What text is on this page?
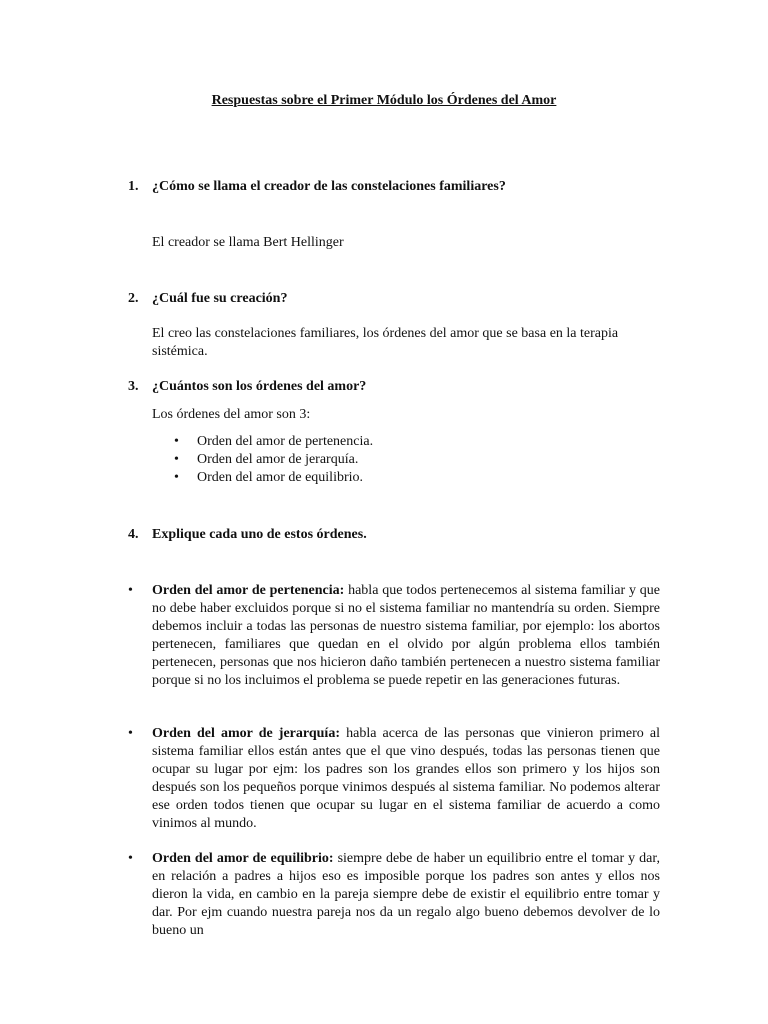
Respuestas sobre el Primer Módulo los Órdenes del Amor
1. ¿Cómo se llama el creador de las constelaciones familiares?
El creador se llama Bert Hellinger
2. ¿Cuál fue su creación?
El creo las constelaciones familiares, los órdenes del amor que se basa en la terapia sistémica.
3. ¿Cuántos son los órdenes del amor?
Los órdenes del amor son 3:
• Orden del amor de pertenencia.
• Orden del amor de jerarquía.
• Orden del amor de equilibrio.
4. Explique cada uno de estos órdenes.
• Orden del amor de pertenencia: habla que todos pertenecemos al sistema familiar y que no debe haber excluidos porque si no el sistema familiar no mantendría su orden. Siempre debemos incluir a todas las personas de nuestro sistema familiar, por ejemplo: los abortos pertenecen, familiares que quedan en el olvido por algún problema ellos también pertenecen, personas que nos hicieron daño también pertenecen a nuestro sistema familiar porque si no los incluimos el problema se puede repetir en las generaciones futuras.
• Orden del amor de jerarquía: habla acerca de las personas que vinieron primero al sistema familiar ellos están antes que el que vino después, todas las personas tienen que ocupar su lugar por ejm: los padres son los grandes ellos son primero y los hijos son después son los pequeños porque vinimos después al sistema familiar. No podemos alterar ese orden todos tienen que ocupar su lugar en el sistema familiar de acuerdo a como vinimos al mundo.
• Orden del amor de equilibrio: siempre debe de haber un equilibrio entre el tomar y dar, en relación a padres a hijos eso es imposible porque los padres son antes y ellos nos dieron la vida, en cambio en la pareja siempre debe de existir el equilibrio entre tomar y dar. Por ejm cuando nuestra pareja nos da un regalo algo bueno debemos devolver de lo bueno un
